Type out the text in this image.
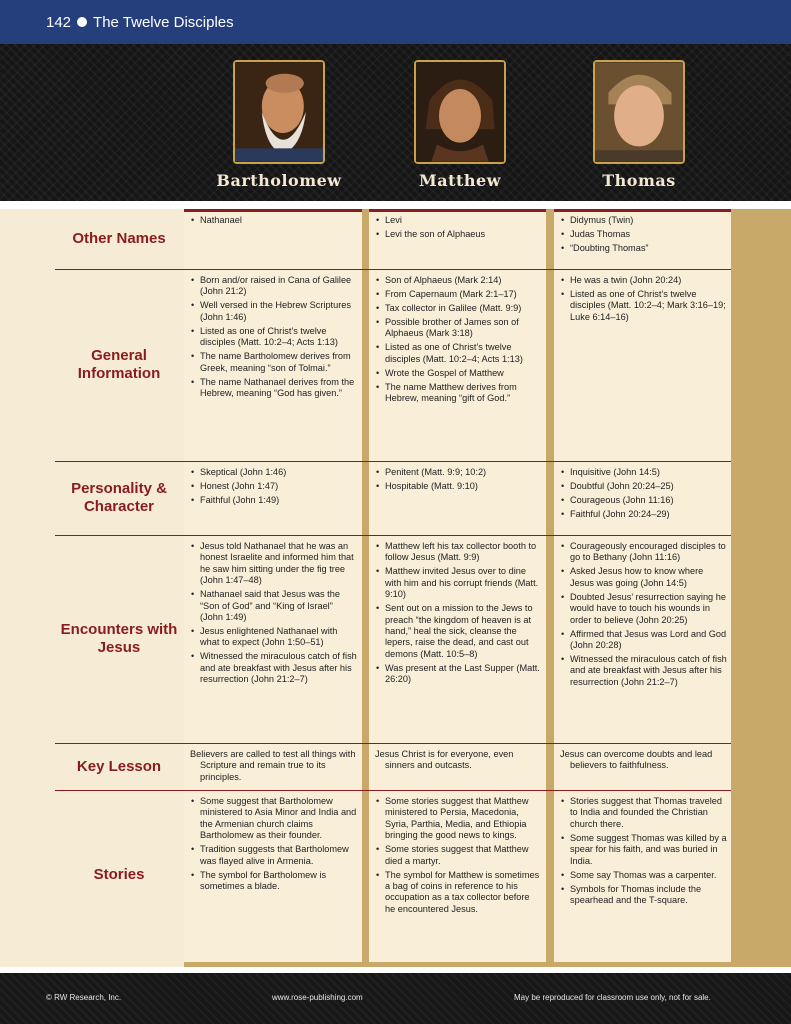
142 The Twelve Disciples
Bartholomew	Matthew	Thomas
Other Names
• Nathanael
•	Levi
• Levi the son of Alphaeus
• Didymus (Twin)
• Judas Thomas
• “Doubting Thomas”
General Information
• Born and/or raised in Cana of Galilee (John 21:2)
• Well versed in the Hebrew Scriptures (John 1:46)
• Listed as one of Christ’s twelve disciples (Matt. 10:2–4; Acts 1:13)
• The name Bartholomew derives from Greek, meaning “son of Tolmai.”
• The name Nathanael derives from the Hebrew, meaning “God has given.”
• Son of Alphaeus (Mark 2:14)
• From Capernaum (Mark 2:1–17)
• Tax collector in Galilee (Matt. 9:9)
• Possible brother of James son of Alphaeus (Mark 3:18)
• Listed as one of Christ’s twelve disciples (Matt. 10:2–4; Acts 1:13)
• Wrote the Gospel of Matthew
• The name Matthew derives from Hebrew, meaning “gift of God.”
• He was a twin (John 20:24)
• Listed as one of Christ’s twelve disciples (Matt. 10:2–4; Mark 3:16–19; Luke 6:14–16)
Personality & Character
• Skeptical (John 1:46)
• Honest (John 1:47)
• Faithful (John 1:49)
• Penitent (Matt. 9:9; 10:2)
• Hospitable (Matt. 9:10)
• Inquisitive (John 14:5)
• Doubtful (John 20:24–25)
• Courageous (John 11:16)
• Faithful (John 20:24–29)
Encounters with Jesus
• Jesus told Nathanael that he was an honest Israelite and informed him that he saw him sitting under the fig tree (John 1:47–48)
• Nathanael said that Jesus was the “Son of God” and “King of Israel” (John 1:49)
• Jesus enlightened Nathanael with what to expect (John 1:50–51)
• Witnessed the miraculous catch of fish and ate breakfast with Jesus after his resurrection (John 21:2–7)
• Matthew left his tax collector booth to follow Jesus (Matt. 9:9)
• Matthew invited Jesus over to dine with him and his corrupt friends (Matt. 9:10)
• Sent out on a mission to the Jews to preach “the kingdom of heaven is at hand,” heal the sick, cleanse the lepers, raise the dead, and cast out demons (Matt. 10:5–8)
• Was present at the Last Supper (Matt. 26:20)
• Courageously encouraged disciples to go to Bethany (John 11:16)
• Asked Jesus how to know where Jesus was going (John 14:5)
• Doubted Jesus’ resurrection saying he would have to touch his wounds in order to believe (John 20:25)
• Affirmed that Jesus was Lord and God (John 20:28)
• Witnessed the miraculous catch of fish and ate breakfast with Jesus after his resurrection (John 21:2–7)
Key Lesson

Believers are called to test all things with Scripture and remain true to its principles.

Jesus Christ is for everyone, even sinners and outcasts.

Jesus can overcome doubts and lead believers to faithfulness.

Stories
• Some suggest that Bartholomew ministered to Asia Minor and India and the Armenian church claims Bartholomew as their founder.
• Tradition suggests that Bartholomew was flayed alive in Armenia.
• The symbol for Bartholomew is sometimes a blade.
• Some stories suggest that Matthew ministered to Persia, Macedonia, Syria, Parthia, Media, and Ethiopia bringing the good news to kings.
• Some stories suggest that Matthew died a martyr.
• The symbol for Matthew is sometimes a bag of coins in reference to his occupation as a tax collector before he encountered Jesus.
• Stories suggest that Thomas traveled to India and founded the Christian church there.
• Some suggest Thomas was killed by a spear for his faith, and was buried in India.
• Some say Thomas was a carpenter.
• Symbols for Thomas include the spearhead and the T-square.
© RW Research, Inc.	www.rose-publishing.com	May be reproduced for classroom use only, not for sale.
